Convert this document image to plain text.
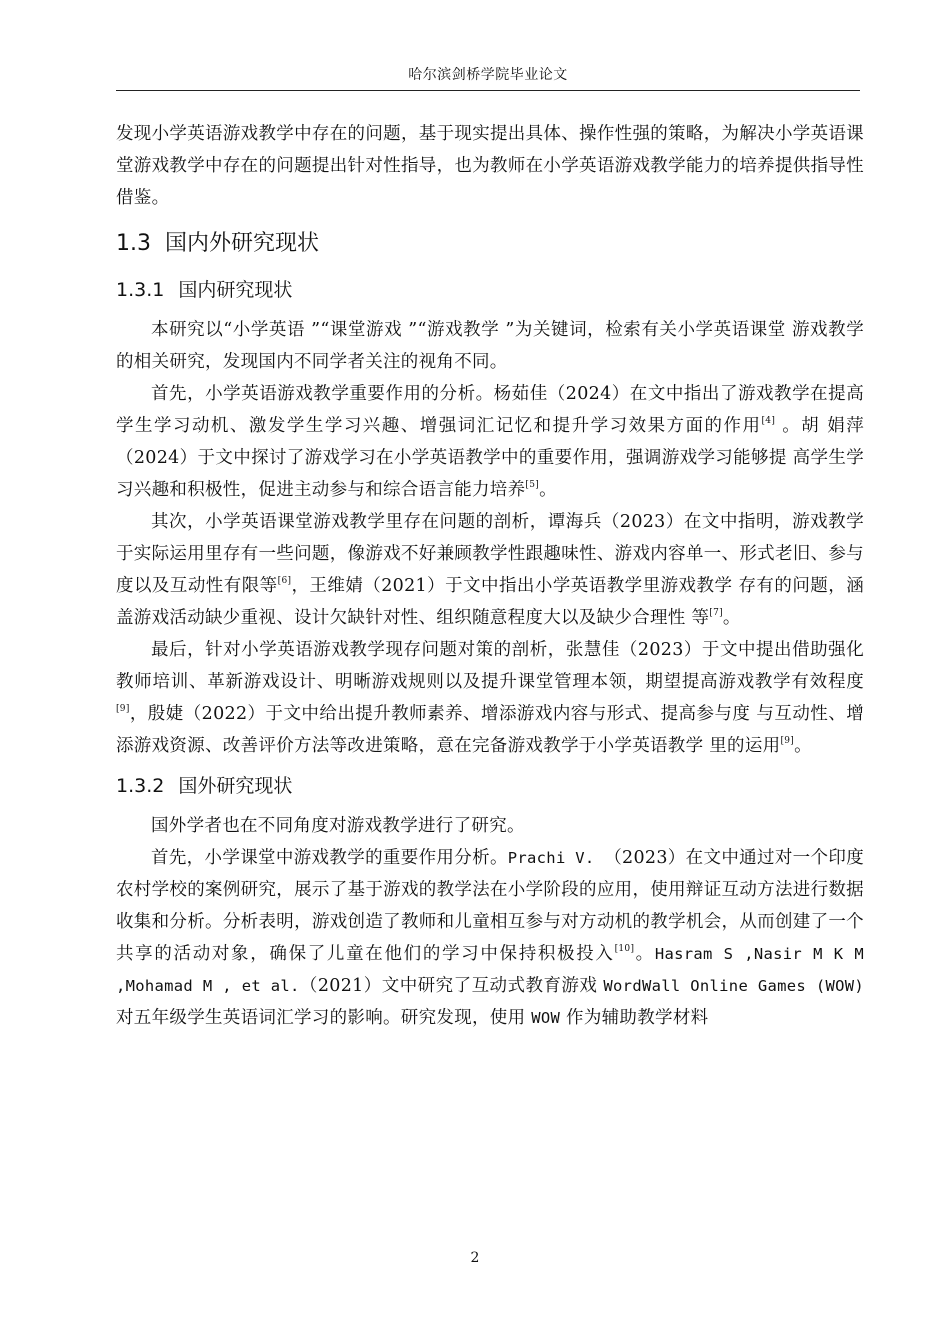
哈尔滨剑桥学院毕业论文

发现小学英语游戏教学中存在的问题，基于现实提出具体、操作性强的策略，为解决小学英语课堂游戏教学中存在的问题提出针对性指导，也为教师在小学英语游戏教学能力的培养提供指导性借鉴。

1.3 国内外研究现状
1.3.1 国内研究现状

本研究以“小学英语 ”“课堂游戏 ”“游戏教学 ”为关键词，检索有关小学英语课堂 游戏教学的相关研究，发现国内不同学者关注的视角不同。

首先，小学英语游戏教学重要作用的分析。杨茹佳（2024）在文中指出了游戏教学在提高学生学习动机、激发学生学习兴趣、增强词汇记忆和提升学习效果方面的作用[4] 。胡 娟萍（2024）于文中探讨了游戏学习在小学英语教学中的重要作用，强调游戏学习能够提 高学生学习兴趣和积极性，促进主动参与和综合语言能力培养[5]。

其次，小学英语课堂游戏教学里存在问题的剖析，谭海兵（2023）在文中指明，游戏教学于实际运用里存有一些问题，像游戏不好兼顾教学性跟趣味性、游戏内容单一、形式老旧、参与度以及互动性有限等[6]，王维婧（2021）于文中指出小学英语教学里游戏教学 存有的问题，涵盖游戏活动缺少重视、设计欠缺针对性、组织随意程度大以及缺少合理性 等[7]。

最后，针对小学英语游戏教学现存问题对策的剖析，张慧佳（2023）于文中提出借助强化教师培训、革新游戏设计、明晰游戏规则以及提升课堂管理本领，期望提高游戏教学有效程度[9]，殷婕（2022）于文中给出提升教师素养、增添游戏内容与形式、提高参与度 与互动性、增添游戏资源、改善评价方法等改进策略，意在完备游戏教学于小学英语教学 里的运用[9]。

1.3.2 国外研究现状

国外学者也在不同角度对游戏教学进行了研究。

首先，小学课堂中游戏教学的重要作用分析。Prachi V. （2023）在文中通过对一个印度农村学校的案例研究，展示了基于游戏的教学法在小学阶段的应用，使用辩证互动方法进行数据收集和分析。分析表明，游戏创造了教师和儿童相互参与对方动机的教学机会，从而创建了一个共享的活动对象，确保了儿童在他们的学习中保持积极投入[10]。Hasram S ,Nasir M K M ,Mohamad M , et al.（2021）文中研究了互动式教育游戏 WordWall Online Games (WOW)对五年级学生英语词汇学习的影响。研究发现，使用 WOW 作为辅助教学材料

2
